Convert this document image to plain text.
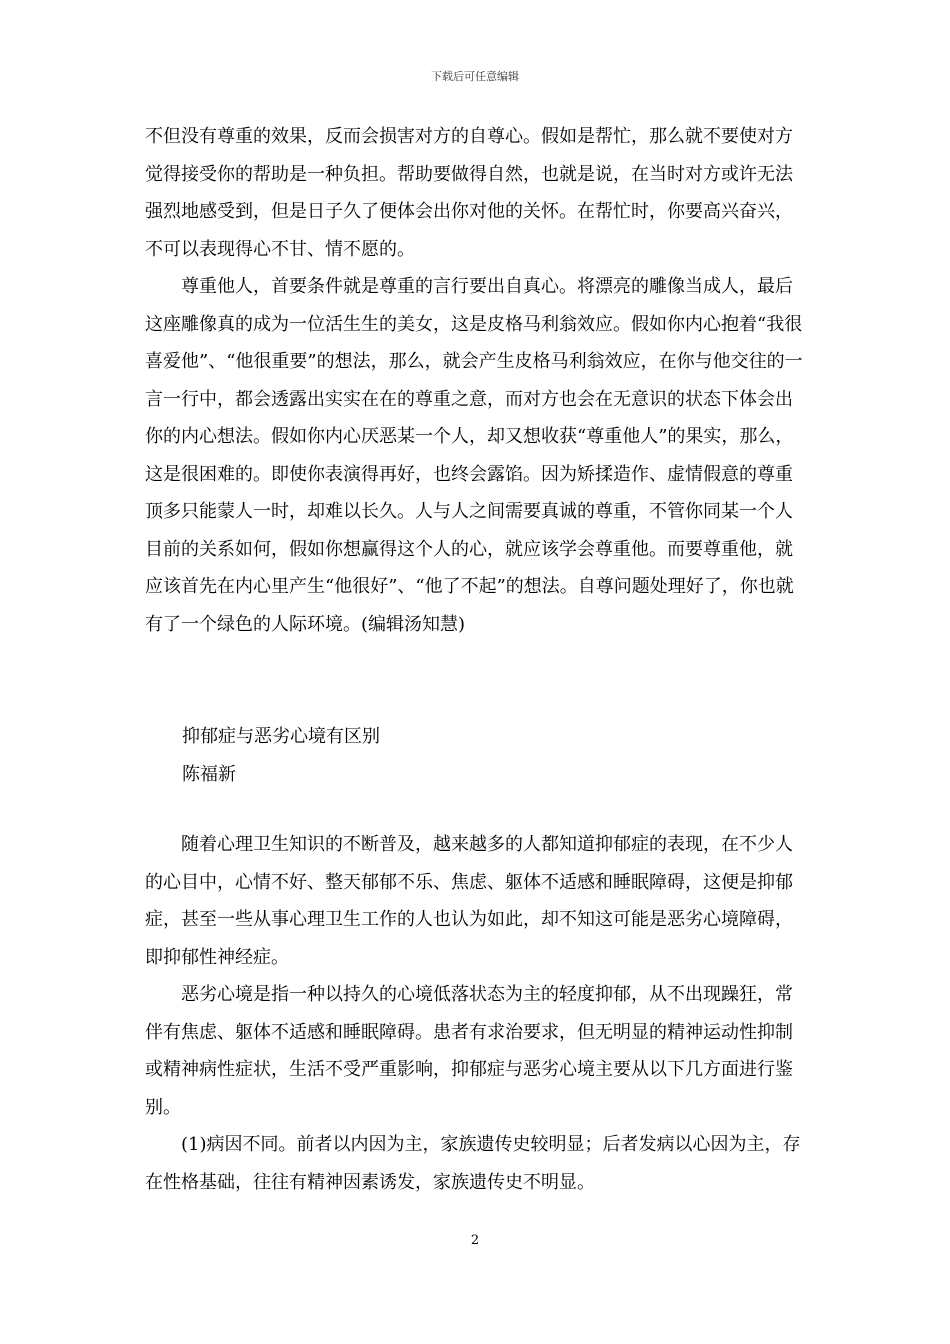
下载后可任意编辑

不但没有尊重的效果，反而会损害对方的自尊心。假如是帮忙，那么就不要使对方觉得接受你的帮助是一种负担。帮助要做得自然，也就是说，在当时对方或许无法强烈地感受到，但是日子久了便体会出你对他的关怀。在帮忙时，你要高兴奋兴，不可以表现得心不甘、情不愿的。

尊重他人，首要条件就是尊重的言行要出自真心。将漂亮的雕像当成人，最后这座雕像真的成为一位活生生的美女，这是皮格马利翁效应。假如你内心抱着“我很喜爱他”、“他很重要”的想法，那么，就会产生皮格马利翁效应，在你与他交往的一言一行中，都会透露出实实在在的尊重之意，而对方也会在无意识的状态下体会出你的内心想法。假如你内心厌恶某一个人，却又想收获“尊重他人”的果实，那么，这是很困难的。即使你表演得再好，也终会露馅。因为矫揉造作、虚情假意的尊重顶多只能蒙人一时，却难以长久。人与人之间需要真诚的尊重，不管你同某一个人目前的关系如何，假如你想赢得这个人的心，就应该学会尊重他。而要尊重他，就应该首先在内心里产生“他很好”、“他了不起”的想法。自尊问题处理好了，你也就有了一个绿色的人际环境。(编辑汤知慧)

抑郁症与恶劣心境有区别
陈福新

随着心理卫生知识的不断普及，越来越多的人都知道抑郁症的表现，在不少人的心目中，心情不好、整天郁郁不乐、焦虑、躯体不适感和睡眠障碍，这便是抑郁症，甚至一些从事心理卫生工作的人也认为如此，却不知这可能是恶劣心境障碍，即抑郁性神经症。

恶劣心境是指一种以持久的心境低落状态为主的轻度抑郁，从不出现躁狂，常伴有焦虑、躯体不适感和睡眠障碍。患者有求治要求，但无明显的精神运动性抑制或精神病性症状，生活不受严重影响，抑郁症与恶劣心境主要从以下几方面进行鉴别。

(1)病因不同。前者以内因为主，家族遗传史较明显；后者发病以心因为主，存在性格基础，往往有精神因素诱发，家族遗传史不明显。

2
